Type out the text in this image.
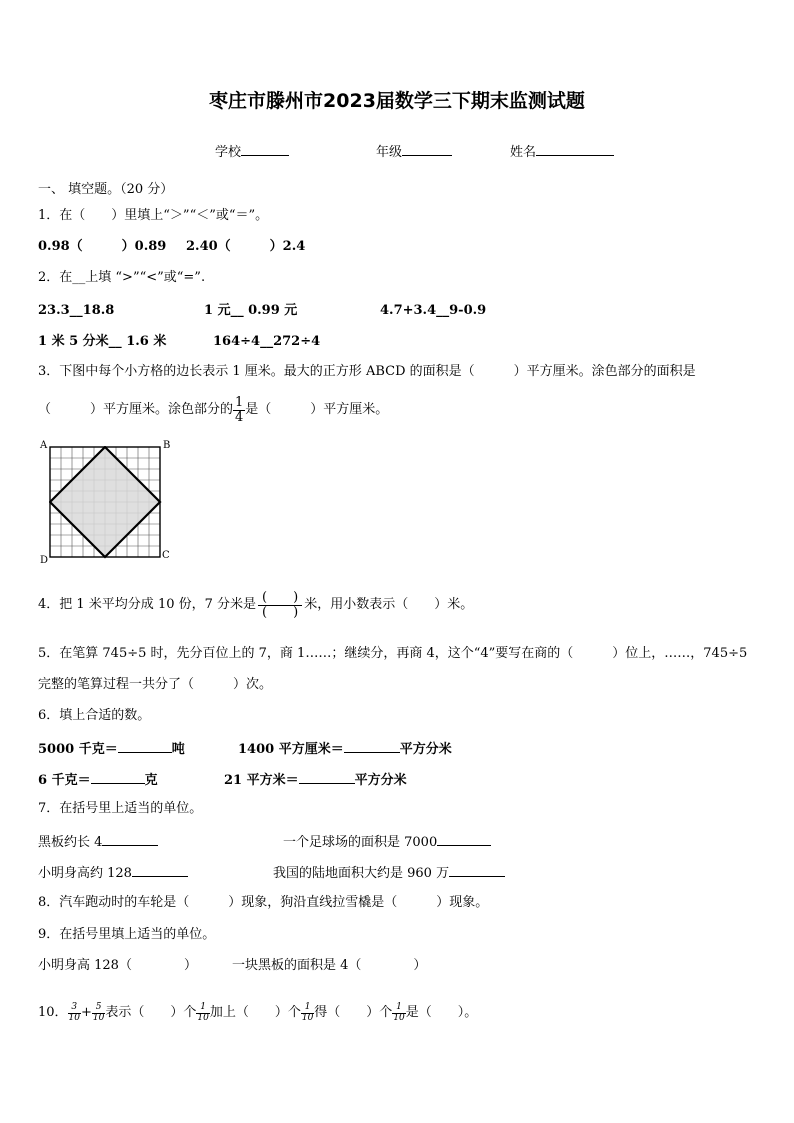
枣庄市滕州市2023届数学三下期末监测试题
学校	年级	姓名
一、 填空题。（20 分）
1．在（　　）里填上“＞”“＜”或“＝”。
0.98（　　　）0.89 2.40（　　　）2.4
2．在__上填 “>”“<”或“=”.
23.3__18.8	1 元__ 0.99 元	4.7+3.4__9-0.9
1 米 5 分米__ 1.6 米	164÷4__272÷4
3．下图中每个小方格的边长表示 1 厘米。最大的正方形 ABCD 的面积是（　　　）平方厘米。涂色部分的面积是
（　　　）平方厘米。涂色部分的 $\frac{1}{4}$ 是（　　　）平方厘米。
A	B
C
D
4．把 1 米平均分成 10 份，7 分米是 $\frac{( )}{( )}$ 米，用小数表示（　　）米。
5．在笔算 745÷5 时，先分百位上的 7，商 1……；继续分，再商 4，这个“4”要写在商的（　　　）位上，……，745÷5
完整的笔算过程一共分了（　　　）次。
6．填上合适的数。
5000 千克＝	吨	1400 平方厘米＝	平方分米
6 千克＝	克	21 平方米＝	平方分米
7．在括号里上适当的单位。
黑板约长 4	一个足球场的面积是 7000
小明身高约 128	我国的陆地面积大约是 960 万
8．汽车跑动时的车轮是（　　　）现象，狗沿直线拉雪橇是（　　　）现象。
9．在括号里填上适当的单位。
小明身高 128（　　　　）	一块黑板的面积是 4（　　　　）
10． $\frac{3}{10} + \frac{5}{10}$ 表示（　　）个 $\frac{1}{10}$ 加上（　　）个 $\frac{1}{10}$ 得（　　）个 $\frac{1}{10}$ 是（　　）。
